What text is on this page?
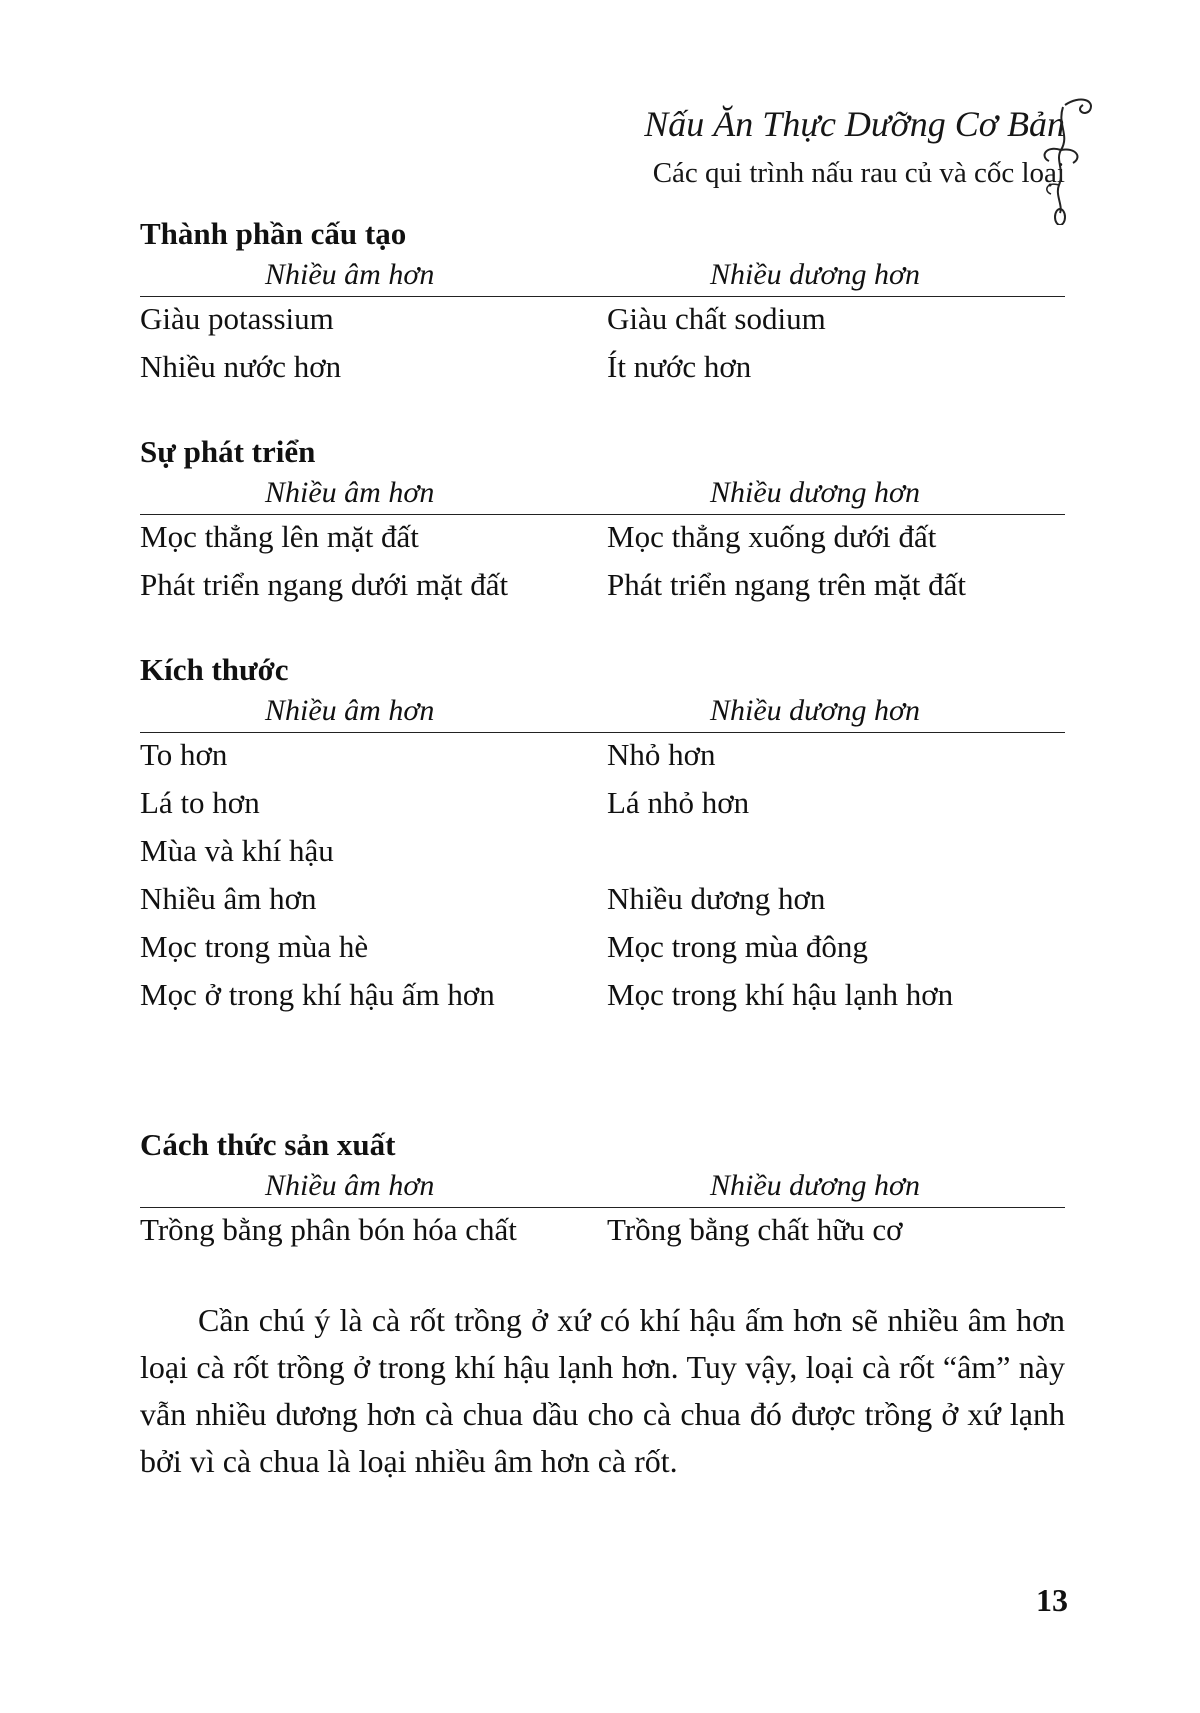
Nấu Ăn Thực Dưỡng Cơ Bản
Các qui trình nấu rau củ và cốc loại
Thành phần cấu tạo
Nhiều âm hơn	Nhiều dương hơn
Giàu potassium	Giàu chất sodium
Nhiều nước hơn	Ít nước hơn
Sự phát triển
Nhiều âm hơn	Nhiều dương hơn
Mọc thẳng lên mặt đất	Mọc thẳng xuống dưới đất
Phát triển ngang dưới mặt đất	Phát triển ngang trên mặt đất
Kích thước
Nhiều âm hơn	Nhiều dương hơn
To hơn	Nhỏ hơn
Lá to hơn	Lá nhỏ hơn
Mùa và khí hậu
Nhiều âm hơn	Nhiều dương hơn
Mọc trong mùa hè	Mọc trong mùa đông
Mọc ở trong khí hậu ấm hơn	Mọc trong khí hậu lạnh hơn
Cách thức sản xuất
Nhiều âm hơn	Nhiều dương hơn
Trồng bằng phân bón hóa chất	Trồng bằng chất hữu cơ
Cần chú ý là cà rốt trồng ở xứ có khí hậu ấm hơn sẽ nhiều âm hơn loại cà rốt trồng ở trong khí hậu lạnh hơn. Tuy vậy, loại cà rốt “âm” này vẫn nhiều dương hơn cà chua dầu cho cà chua đó được trồng ở xứ lạnh bởi vì cà chua là loại nhiều âm hơn cà rốt.
13
